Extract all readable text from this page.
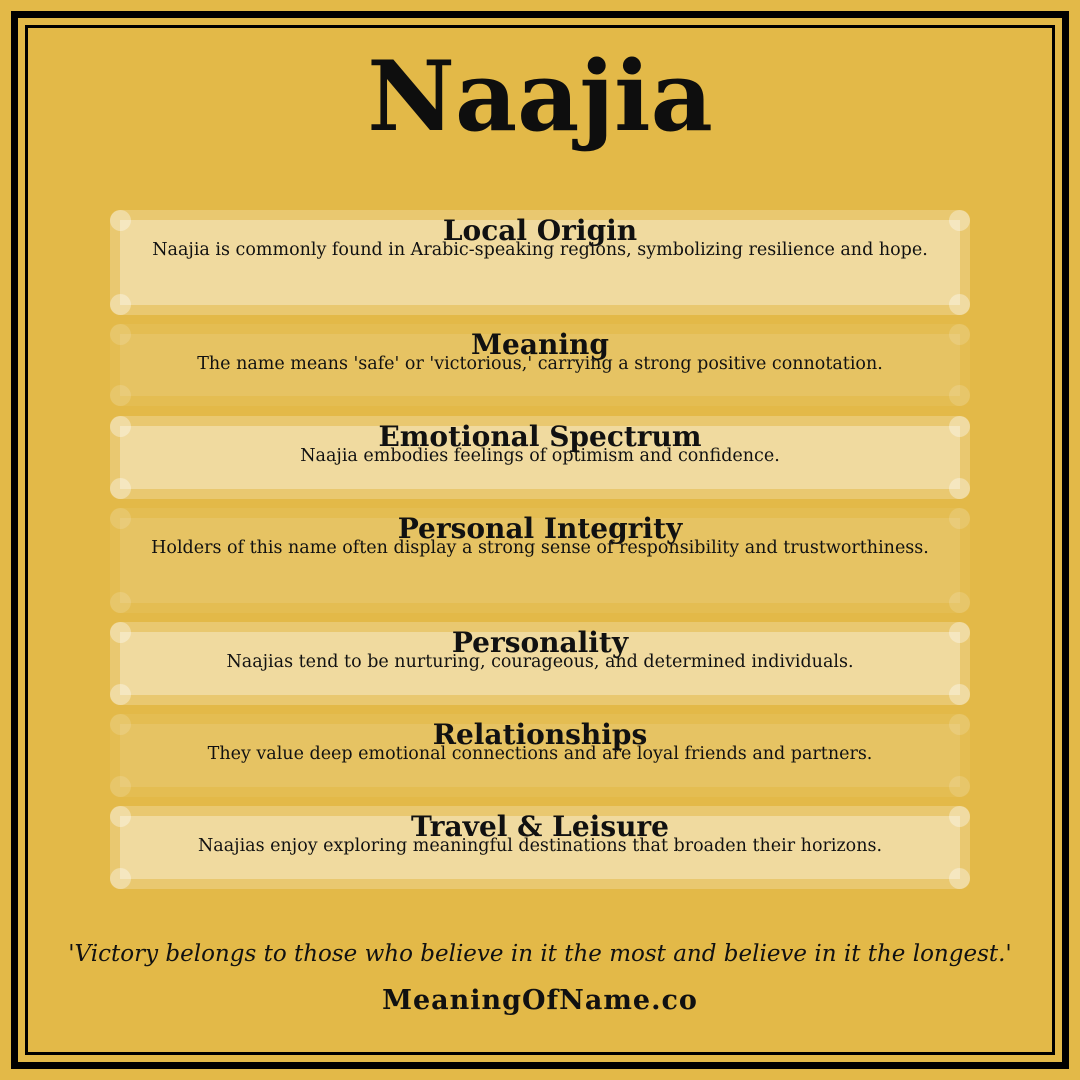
Naajia
Local Origin
Naajia is commonly found in Arabic-speaking regions, symbolizing resilience and hope.
Meaning
The name means 'safe' or 'victorious,' carrying a strong positive connotation.
Emotional Spectrum
Naajia embodies feelings of optimism and confidence.
Personal Integrity
Holders of this name often display a strong sense of responsibility and trustworthiness.
Personality
Naajias tend to be nurturing, courageous, and determined individuals.
Relationships
They value deep emotional connections and are loyal friends and partners.
Travel & Leisure
Naajias enjoy exploring meaningful destinations that broaden their horizons.
'Victory belongs to those who believe in it the most and believe in it the longest.'
MeaningOfName.co
